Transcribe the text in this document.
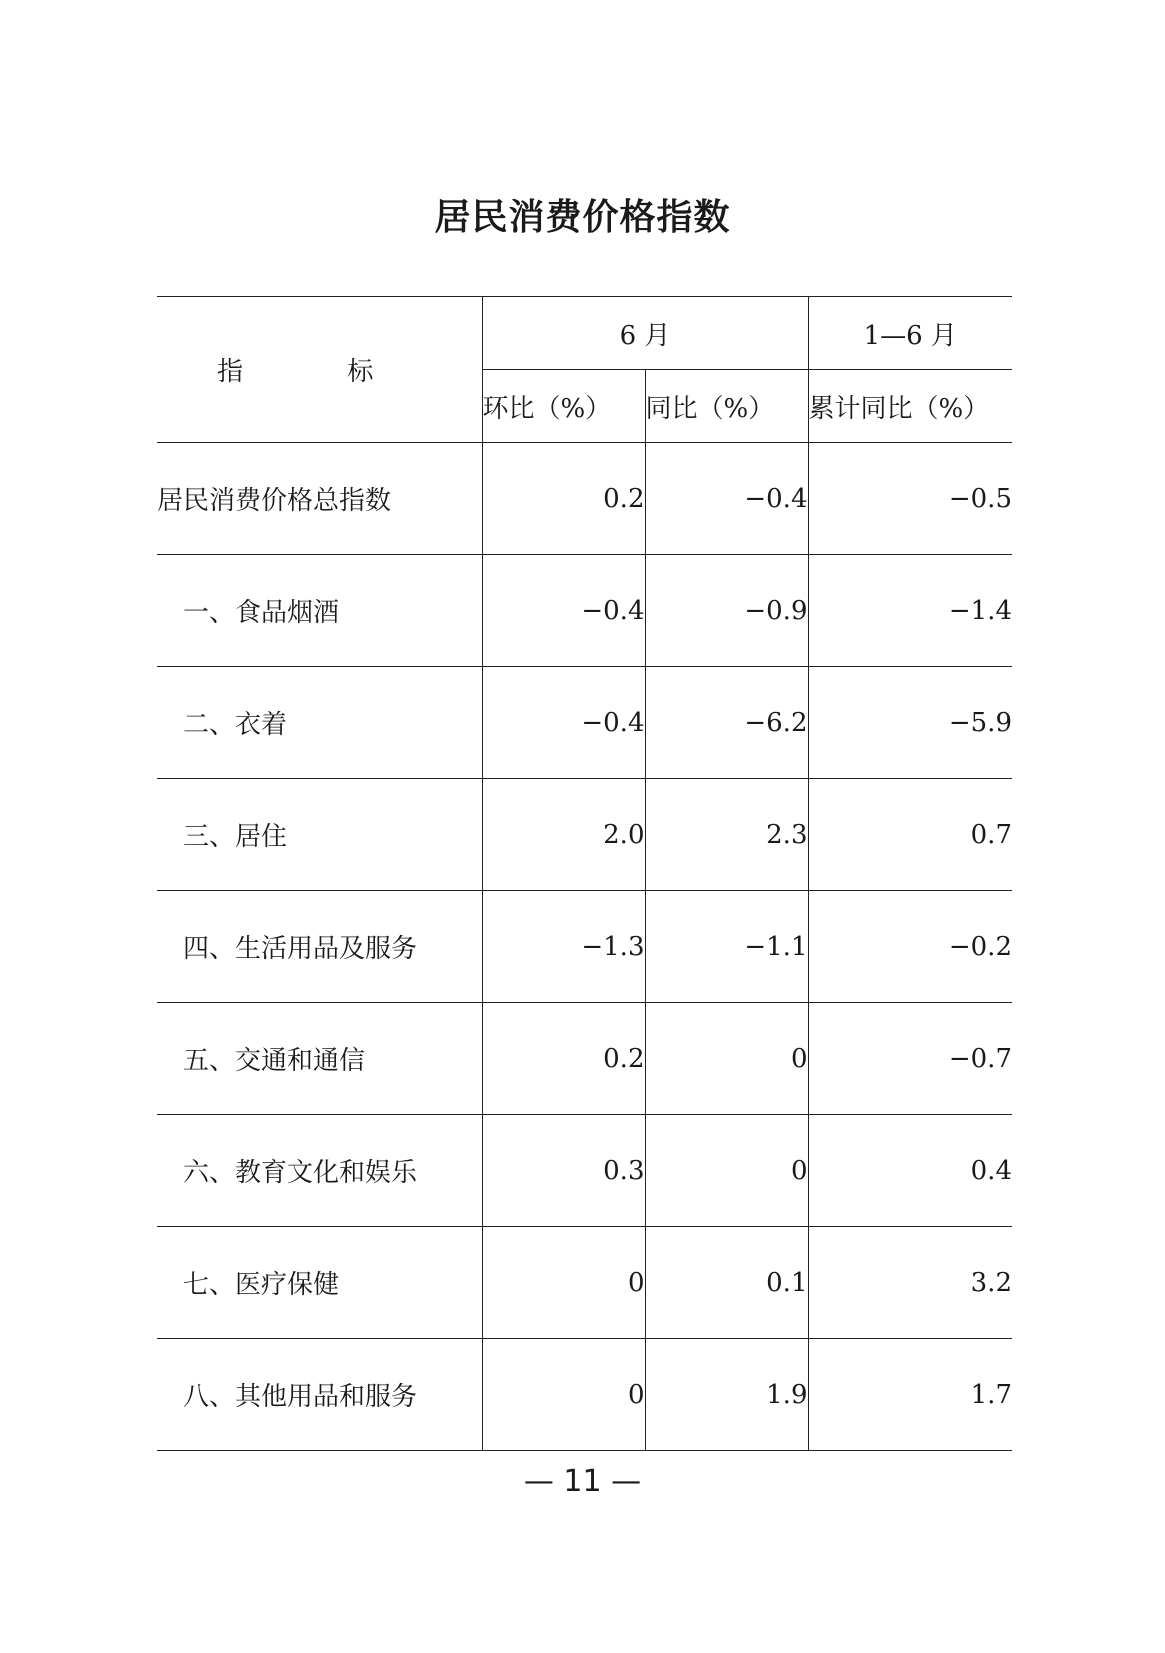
居民消费价格指数
指 标	6 月		1—6 月
	环比（%）	同比（%）	累计同比（%）
居民消费价格总指数	0.2	−0.4	−0.5
一、食品烟酒	−0.4	−0.9	−1.4
二、衣着	−0.4	−6.2	−5.9
三、居住	2.0	2.3	0.7
四、生活用品及服务	−1.3	−1.1	−0.2
五、交通和通信	0.2	0	−0.7
六、教育文化和娱乐	0.3	0	0.4
七、医疗保健	0	0.1	3.2
八、其他用品和服务	0	1.9	1.7
— 11 —
